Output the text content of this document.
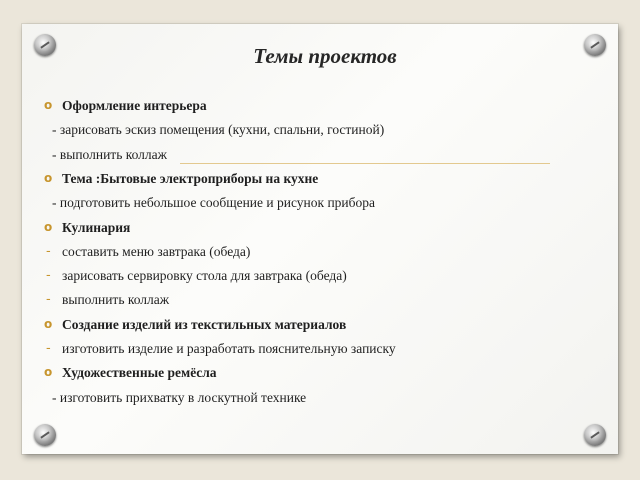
Темы проектов
o Оформление интерьера
- зарисовать эскиз помещения (кухни, спальни, гостиной)
- выполнить коллаж
o Тема :Бытовые электроприборы на кухне
- подготовить небольшое сообщение и рисунок прибора
o Кулинария
- составить меню завтрака (обеда)
- зарисовать сервировку стола для завтрака (обеда)
- выполнить коллаж
o Создание изделий из текстильных материалов
- изготовить изделие и разработать пояснительную записку
o Художественные ремёсла
- изготовить прихватку в лоскутной технике
